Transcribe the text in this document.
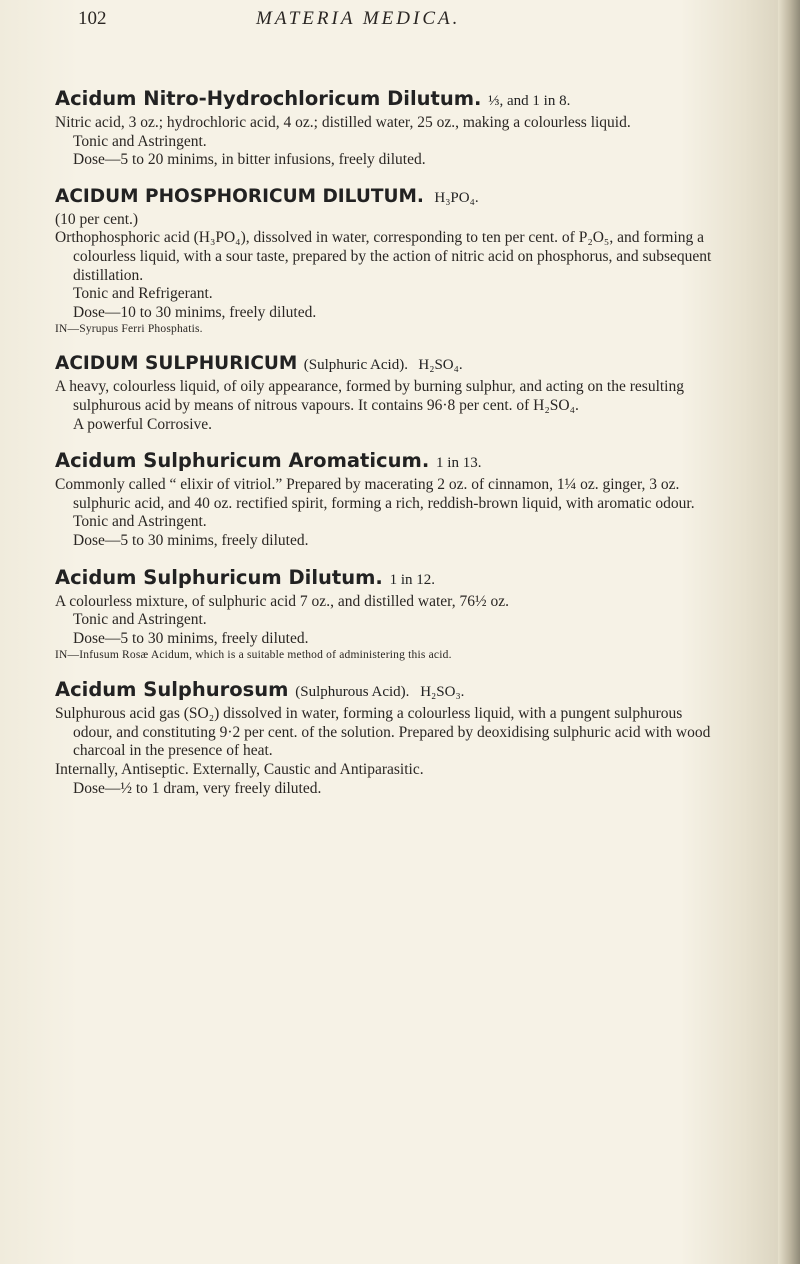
102	MATERIA MEDICA.
Acidum Nitro-Hydrochloricum Dilutum. ⅓, and 1 in 8.

Nitric acid, 3 oz.; hydrochloric acid, 4 oz.; distilled water, 25 oz., making a colourless liquid.

Tonic and Astringent.

Dose—5 to 20 minims, in bitter infusions, freely diluted.

ACIDUM PHOSPHORICUM DILUTUM. H₃PO₄.

(10 per cent.)

Orthophosphoric acid (H₃PO₄), dissolved in water, corresponding to ten per cent. of P₂O₅, and forming a colourless liquid, with a sour taste, prepared by the action of nitric acid on phosphorus, and subsequent distillation.

Tonic and Refrigerant.

Dose—10 to 30 minims, freely diluted.

IN—Syrupus Ferri Phosphatis.

ACIDUM SULPHURICUM (Sulphuric Acid). H₂SO₄.

A heavy, colourless liquid, of oily appearance, formed by burning sulphur, and acting on the resulting sulphurous acid by means of nitrous vapours. It contains 96·8 per cent. of H₂SO₄.

A powerful Corrosive.

Acidum Sulphuricum Aromaticum. 1 in 13.

Commonly called “ elixir of vitriol.” Prepared by macerating 2 oz. of cinnamon, 1¼ oz. ginger, 3 oz. sulphuric acid, and 40 oz. rectified spirit, forming a rich, reddish-brown liquid, with aromatic odour.

Tonic and Astringent.

Dose—5 to 30 minims, freely diluted.

Acidum Sulphuricum Dilutum. 1 in 12.

A colourless mixture, of sulphuric acid 7 oz., and distilled water, 76½ oz.

Tonic and Astringent.

Dose—5 to 30 minims, freely diluted.

IN—Infusum Rosæ Acidum, which is a suitable method of administering this acid.

Acidum Sulphurosum (Sulphurous Acid). H₂SO₃.

Sulphurous acid gas (SO₂) dissolved in water, forming a colourless liquid, with a pungent sulphurous odour, and constituting 9·2 per cent. of the solution. Prepared by deoxidising sulphuric acid with wood charcoal in the presence of heat.

Internally, Antiseptic. Externally, Caustic and Antiparasitic.

Dose—½ to 1 dram, very freely diluted.
